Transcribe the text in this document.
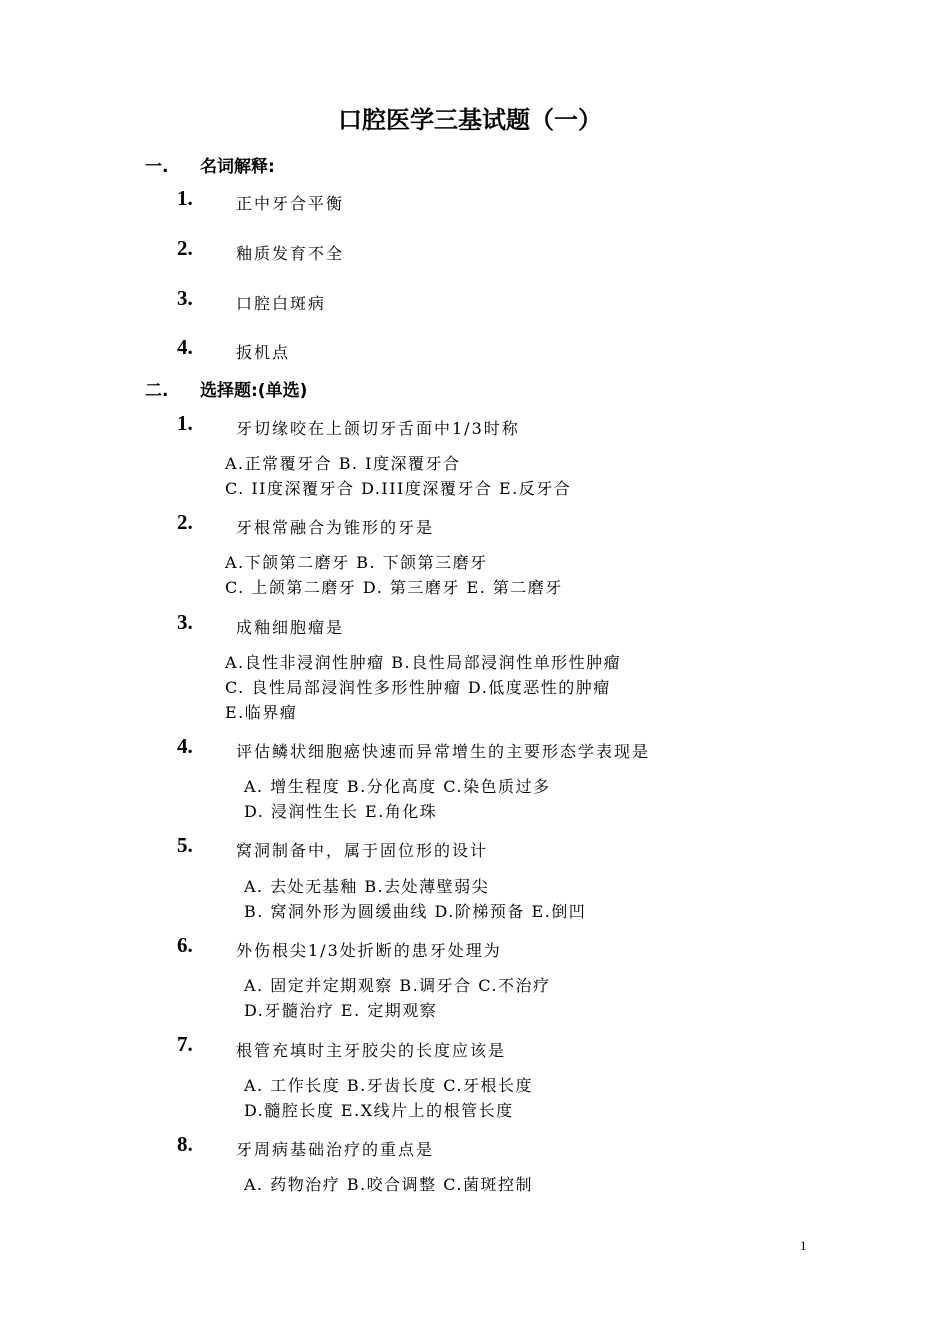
口腔医学三基试题（一）
一. 名词解释:
1.	正中牙合平衡
2.	釉质发育不全
3.	口腔白斑病
4.	扳机点
二. 选择题:(单选)
1.	牙切缘咬在上颌切牙舌面中1/3时称
A.正常覆牙合 B. I度深覆牙合
C. II度深覆牙合 D.III度深覆牙合 E.反牙合
2.	牙根常融合为锥形的牙是
A.下颌第二磨牙 B. 下颌第三磨牙
C. 上颌第二磨牙 D. 第三磨牙 E. 第二磨牙
3.	成釉细胞瘤是
A.良性非浸润性肿瘤 B.良性局部浸润性单形性肿瘤
C. 良性局部浸润性多形性肿瘤 D.低度恶性的肿瘤
E.临界瘤
4.	评估鳞状细胞癌快速而异常增生的主要形态学表现是
A. 增生程度 B.分化高度 C.染色质过多
D. 浸润性生长 E.角化珠
5.	窝洞制备中，属于固位形的设计
A. 去处无基釉 B.去处薄壁弱尖
B. 窝洞外形为圆缓曲线 D.阶梯预备 E.倒凹
6.	外伤根尖1/3处折断的患牙处理为
A. 固定并定期观察 B.调牙合 C.不治疗
D.牙髓治疗 E. 定期观察
7.	根管充填时主牙胶尖的长度应该是
A. 工作长度 B.牙齿长度 C.牙根长度
D.髓腔长度 E.X线片上的根管长度
8.	牙周病基础治疗的重点是
A. 药物治疗 B.咬合调整 C.菌斑控制
1
